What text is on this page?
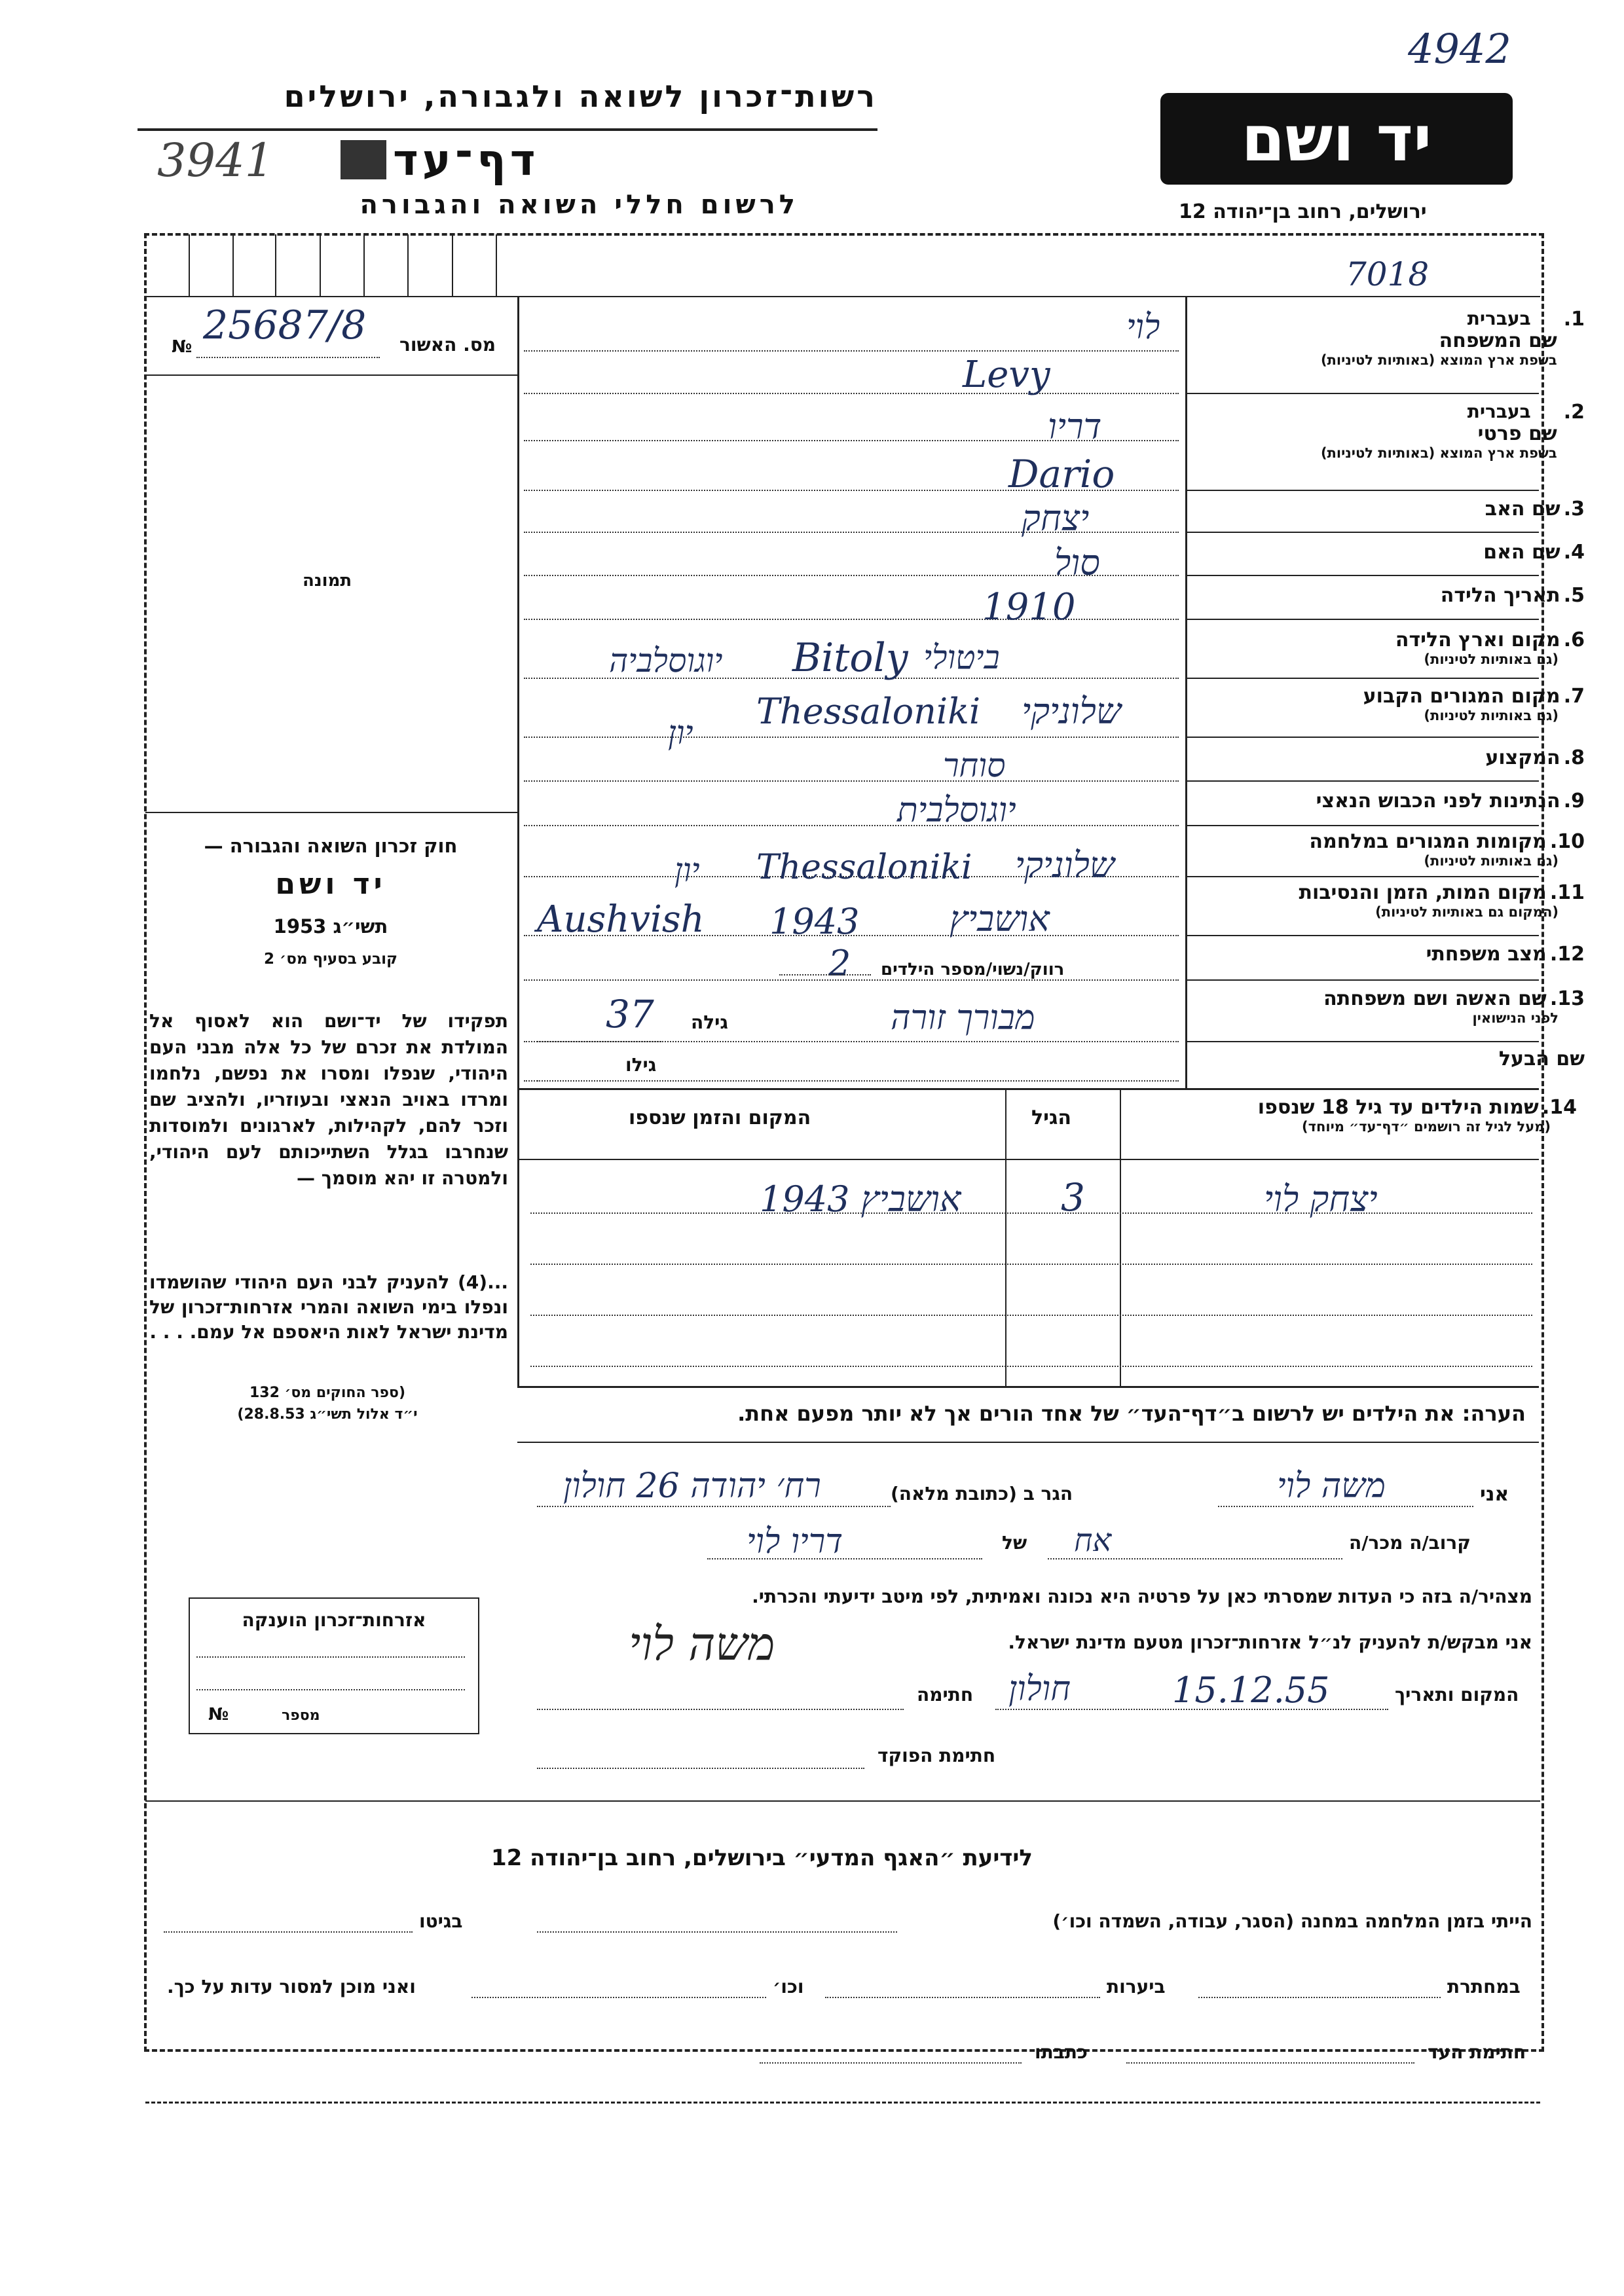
4942
רשות־זכרון לשואה ולגבורה, ירושלים
3941	דף־עד
לרשום חללי השואה והגבורה
יד ושם
ירושלים, רחוב בן־יהודה 12
7018
№ 25687/8 מס. האשור
תמונה
חוק זכרון השואה והגבורה —
יד ושם
תשי״ג 1953
קובע בסעיף מס׳ 2
תפקידו של יד־ושם הוא לאסוף אל המולדת את זכרם של כל אלה מבני העם היהודי, שנפלו ומסרו את נפשם, נלחמו ומרדו באויב הנאצי ובעוזריו, ולהציב שם וזכר להם, לקהילות, לארגונים ולמוסדות שנחרבו בגלל השתייכותם לעם היהודי, ולמטרה זו יהא מוסמך —
...(4) להעניק לבני העם היהודי שהושמדו ונפלו בימי השואה והמרי אזרחות־זכרון של מדינת ישראל לאות היאספם אל עמם. . . .
(ספר החוקים מס׳ 132
י״ד אלול תשי״ג 28.8.53)
1.
בעברית
שם המשפחה
בשפת ארץ המוצא (באותיות לטיניות)
2.
בעברית
שם פרטי
בשפת ארץ המוצא (באותיות לטיניות)
3. שם האב
4. שם האם
5. תאריך הלידה
6. מקום וארץ הלידה
(גם באותיות לטיניות)
7. מקום המגורים הקבוע
(גם באותיות לטיניות)
8. המקצוע
9. הנתינות לפני הכבוש הנאצי
10. מקומות המגורים במלחמה
(גם באותיות לטיניות)
11. מקום המות, הזמן והנסיבות
(המקום גם באותיות לטיניות)
12. מצב משפחתי
13. שם האשה ושם משפחתה
לפני הנישואין
שם הבעל
14. שמות הילדים עד גיל 18 שנספו
(מעל לגיל זה רושמים ״דף־עד״ מיוחד)
הגיל
המקום והזמן שנספו
לוי
Levy
דריו
Dario
יצחק
סול
1910
ביטולי
Bitoly
יוגוסלביה
שלוניקי
Thessaloniki
יון
סוחר
יוגוסלבית
שלוניקי
Thessaloniki
יון
אושביץ
1943
Aushvish
2 רווק/נשוי/מספר הילדים
מבורך זורה
37 גילה
גילו
יצחק לוי
3
אושביץ 1943
הערה: את הילדים יש לרשום ב״דף־העד״ של אחד הורים אך לא יותר מפעם אחת.
אני
משה לוי
הגר ב (כתובת מלאה)
רח׳ יהודה 26 חולון
קרוב/ה מכר/ה
אח
של
דריו לוי
מצהיר/ה בזה כי העדות שמסרתי כאן על פרטיה היא נכונה ואמיתית, לפי מיטב ידיעתי והכרתי.
אני מבקש/ת להעניק לנ״ל אזרחות־זכרון מטעם מדינת ישראל.
המקום ותאריך
15.12.55
חולון
חתימה
משה לוי
חתימת הפוקד
אזרחות־זכרון הוענקה
מספר
№
לידיעת ״האגף המדעי״ בירושלים, רחוב בן־יהודה 12
הייתי בזמן המלחמה במחנה (הסגר, עבודה, השמדה וכו׳)
בגיטו
במחתרת
ביערות
וכו׳
ואני מוכן למסור עדות על כך.
חתימת העד
כתבתו
